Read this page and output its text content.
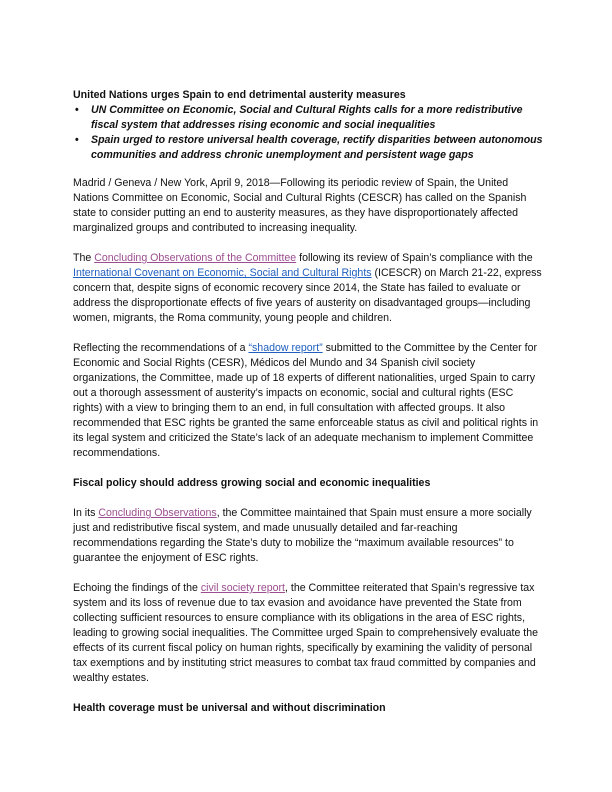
United Nations urges Spain to end detrimental austerity measures
• UN Committee on Economic, Social and Cultural Rights calls for a more redistributive fiscal system that addresses rising economic and social inequalities
• Spain urged to restore universal health coverage, rectify disparities between autonomous communities and address chronic unemployment and persistent wage gaps

Madrid / Geneva / New York, April 9, 2018—Following its periodic review of Spain, the United Nations Committee on Economic, Social and Cultural Rights (CESCR) has called on the Spanish state to consider putting an end to austerity measures, as they have disproportionately affected marginalized groups and contributed to increasing inequality.

The Concluding Observations of the Committee following its review of Spain’s compliance with the International Covenant on Economic, Social and Cultural Rights (ICESCR) on March 21-22, express concern that, despite signs of economic recovery since 2014, the State has failed to evaluate or address the disproportionate effects of five years of austerity on disadvantaged groups—including women, migrants, the Roma community, young people and children.

Reflecting the recommendations of a “shadow report” submitted to the Committee by the Center for Economic and Social Rights (CESR), Médicos del Mundo and 34 Spanish civil society organizations, the Committee, made up of 18 experts of different nationalities, urged Spain to carry out a thorough assessment of austerity’s impacts on economic, social and cultural rights (ESC rights) with a view to bringing them to an end, in full consultation with affected groups. It also recommended that ESC rights be granted the same enforceable status as civil and political rights in its legal system and criticized the State’s lack of an adequate mechanism to implement Committee recommendations.

Fiscal policy should address growing social and economic inequalities

In its Concluding Observations, the Committee maintained that Spain must ensure a more socially just and redistributive fiscal system, and made unusually detailed and far-reaching recommendations regarding the State’s duty to mobilize the “maximum available resources” to guarantee the enjoyment of ESC rights.

Echoing the findings of the civil society report, the Committee reiterated that Spain’s regressive tax system and its loss of revenue due to tax evasion and avoidance have prevented the State from collecting sufficient resources to ensure compliance with its obligations in the area of ESC rights, leading to growing social inequalities. The Committee urged Spain to comprehensively evaluate the effects of its current fiscal policy on human rights, specifically by examining the validity of personal tax exemptions and by instituting strict measures to combat tax fraud committed by companies and wealthy estates.

Health coverage must be universal and without discrimination
